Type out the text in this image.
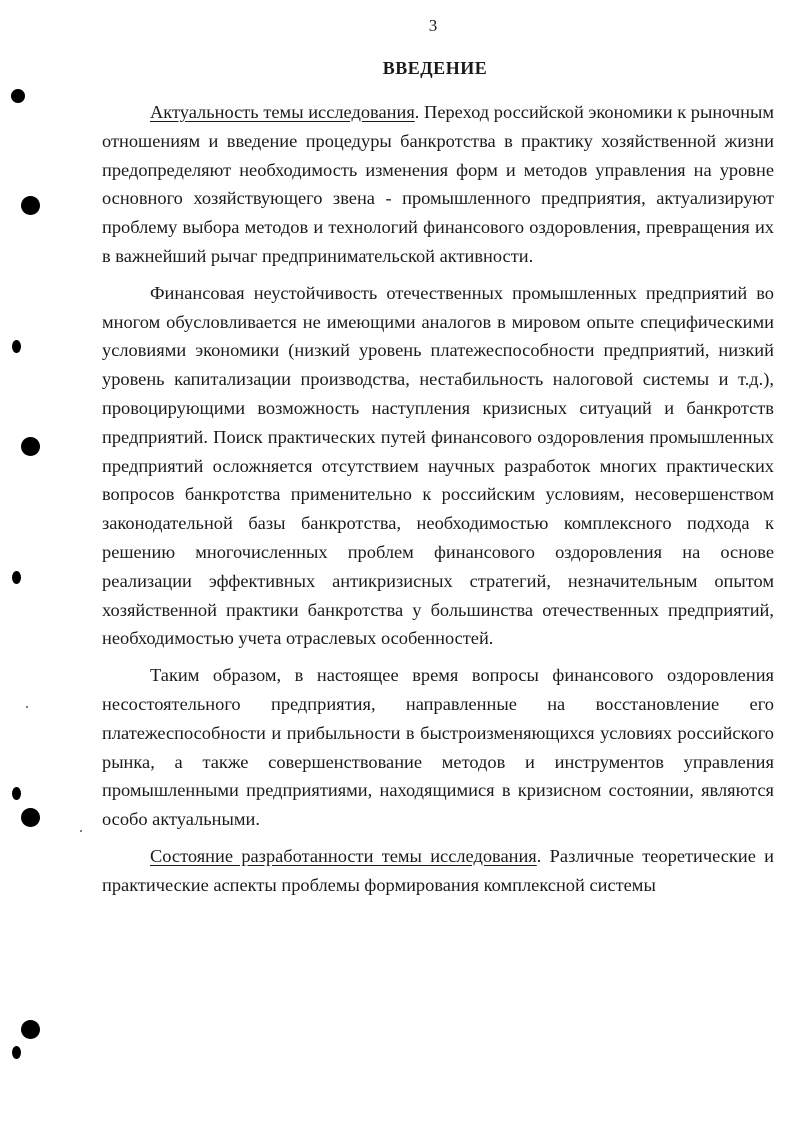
3
ВВЕДЕНИЕ

Актуальность темы исследования. Переход российской экономики к рыночным отношениям и введение процедуры банкротства в практику хозяйственной жизни предопределяют необходимость изменения форм и методов управления на уровне основного хозяйствующего звена - промышленного предприятия, актуализируют проблему выбора методов и технологий финансового оздоровления, превращения их в важнейший рычаг предпринимательской активности.

Финансовая неустойчивость отечественных промышленных предприятий во многом обусловливается не имеющими аналогов в мировом опыте специфическими условиями экономики (низкий уровень платежеспособности предприятий, низкий уровень капитализации производства, нестабильность налоговой системы и т.д.), провоцирующими возможность наступления кризисных ситуаций и банкротств предприятий. Поиск практических путей финансового оздоровления промышленных предприятий осложняется отсутствием научных разработок многих практических вопросов банкротства применительно к российским условиям, несовершенством законодательной базы банкротства, необходимостью комплексного подхода к решению многочисленных проблем финансового оздоровления на основе реализации эффективных антикризисных стратегий, незначительным опытом хозяйственной практики банкротства у большинства отечественных предприятий, необходимостью учета отраслевых особенностей.

Таким образом, в настоящее время вопросы финансового оздоровления несостоятельного предприятия, направленные на восстановление его платежеспособности и прибыльности в быстроизменяющихся условиях российского рынка, а также совершенствование методов и инструментов управления промышленными предприятиями, находящимися в кризисном состоянии, являются особо актуальными.

Состояние разработанности темы исследования. Различные теоретические и практические аспекты проблемы формирования комплексной системы
